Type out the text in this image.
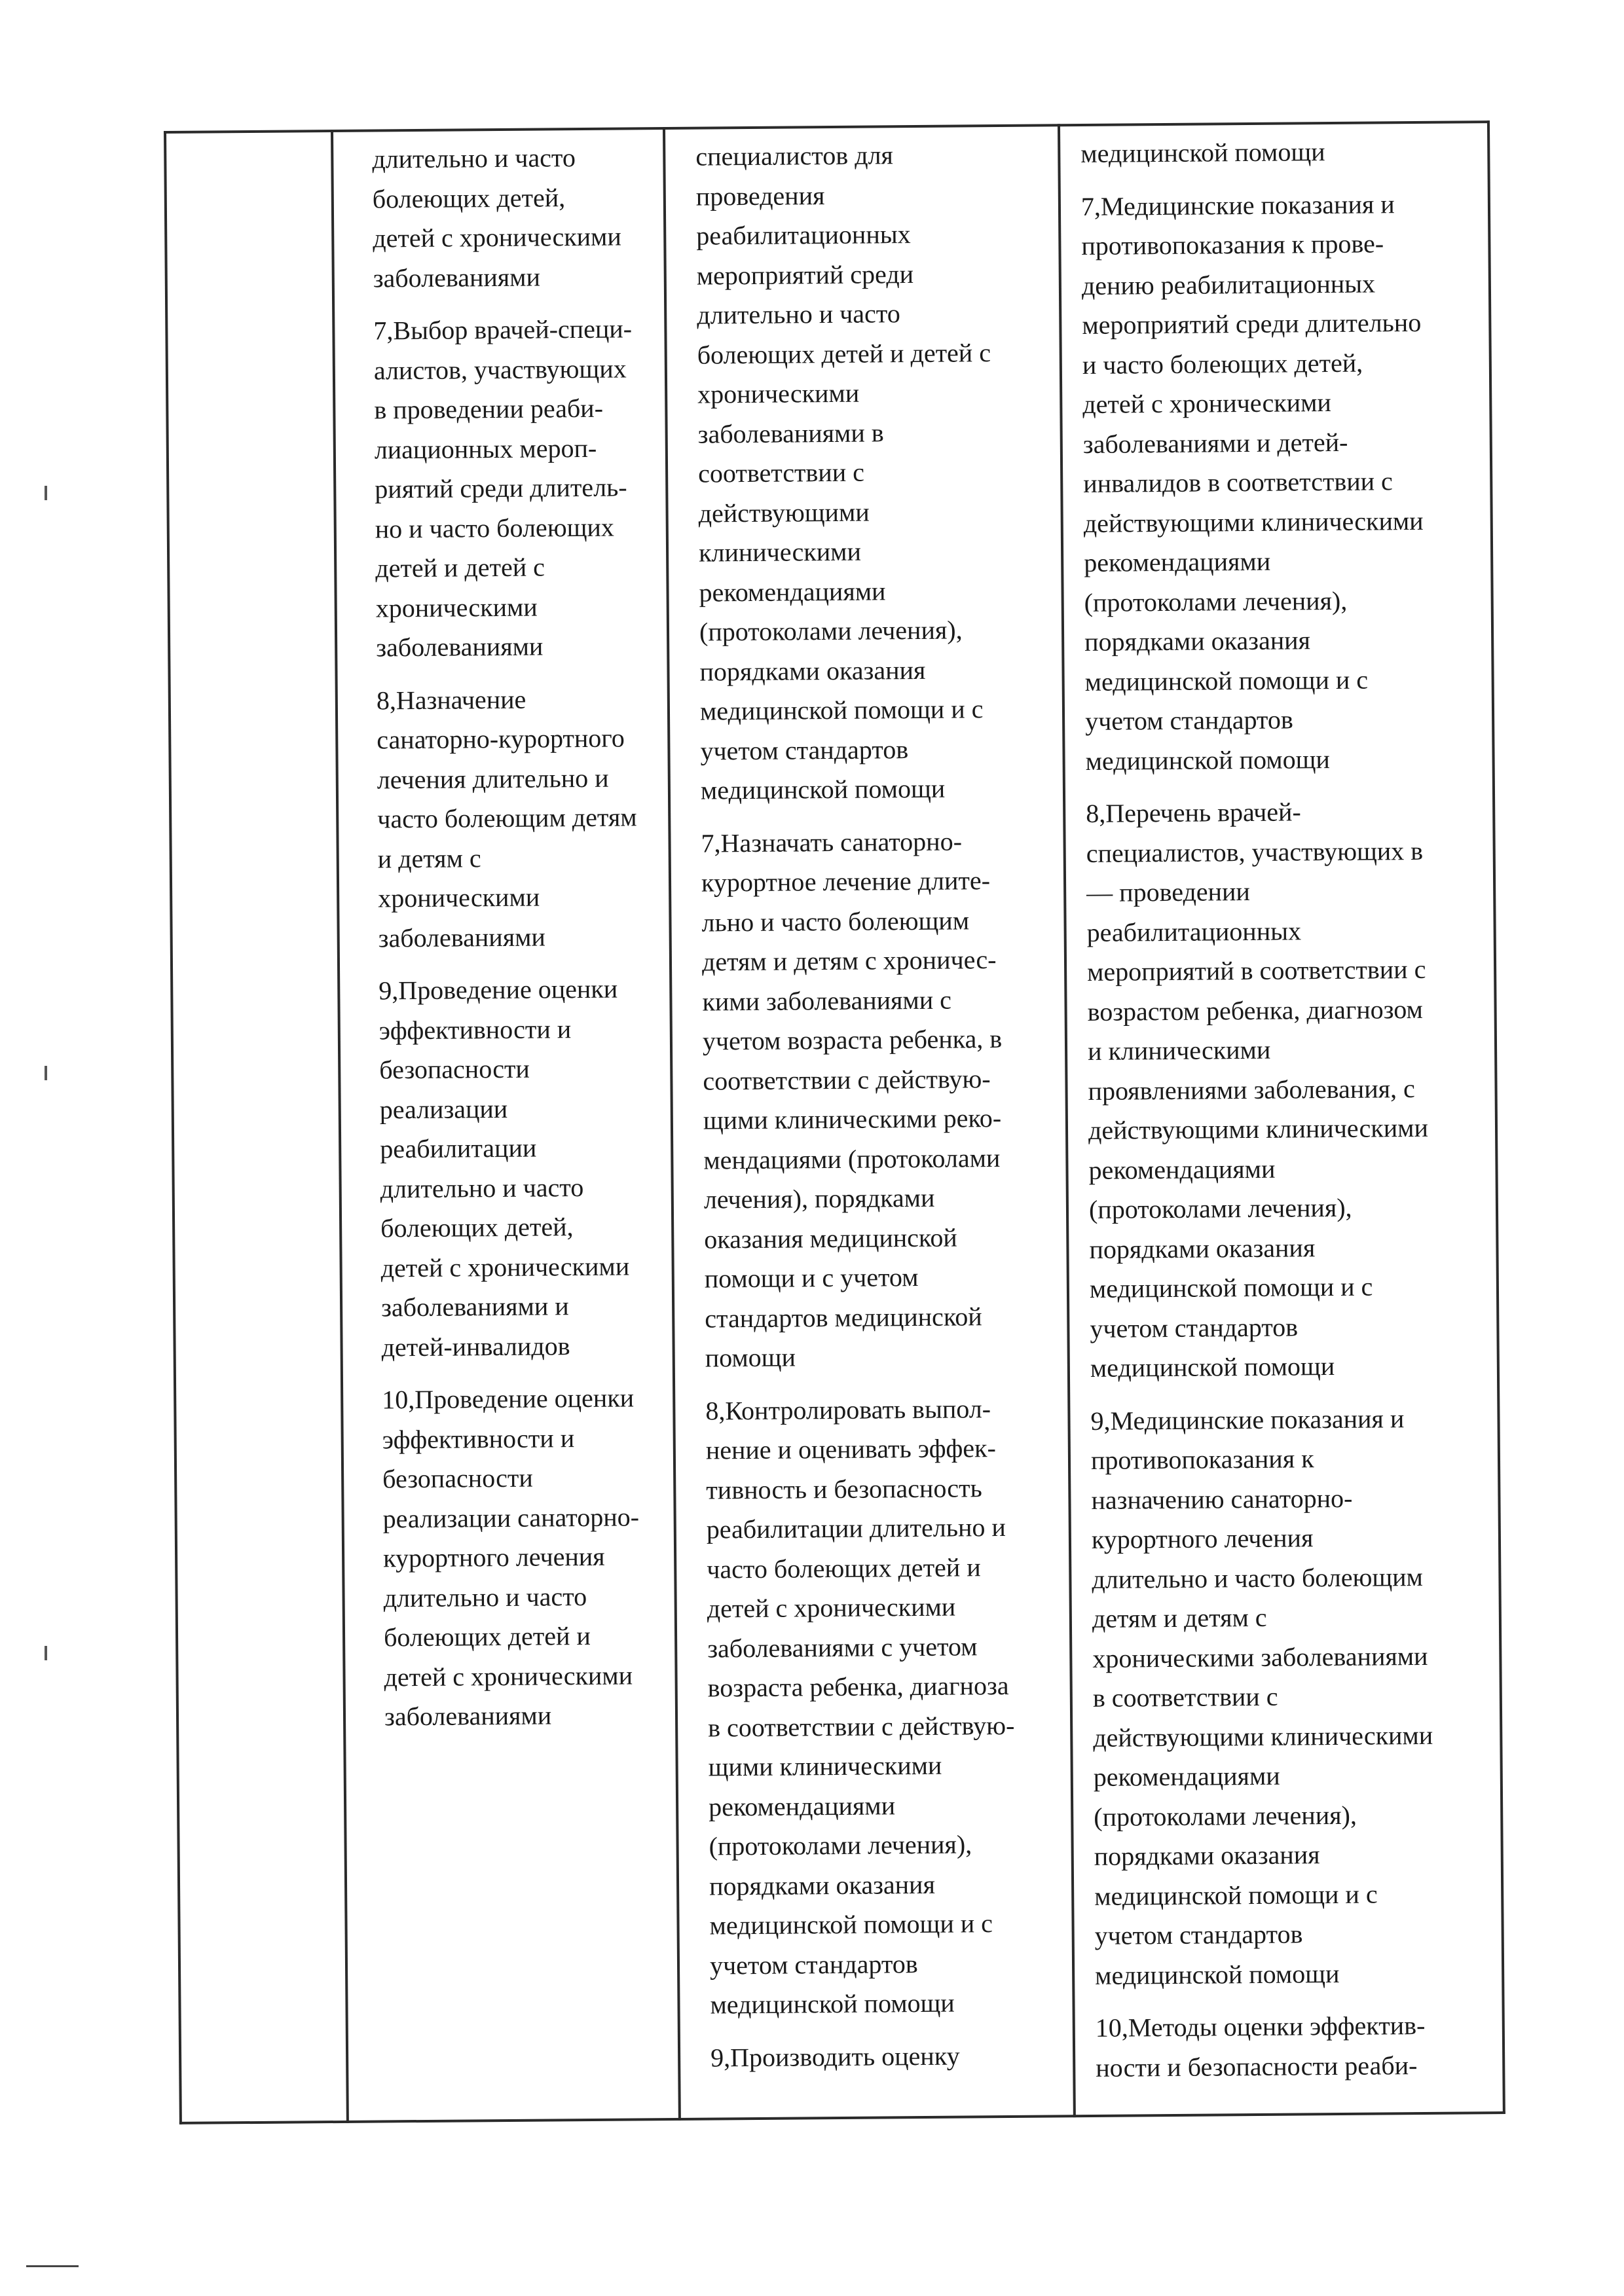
длительно и часто
болеющих детей,
детей с хроническими
заболеваниями

7,Выбор врачей-специ-
алистов, участвующих
в проведении реаби-
лиационных мероп-
риятий среди длитель-
но и часто болеющих
детей и детей с
хроническими
заболеваниями

8,Назначение
санаторно-курортного
лечения длительно и
часто болеющим детям
и детям с
хроническими
заболеваниями

9,Проведение оценки
эффективности и
безопасности
реализации
реабилитации
длительно и часто
болеющих детей,
детей с хроническими
заболеваниями и
детей-инвалидов

10,Проведение оценки
эффективности и
безопасности
реализации санаторно-
курортного лечения
длительно и часто
болеющих детей и
детей с хроническими
заболеваниями

специалистов для
проведения
реабилитационных
мероприятий среди
длительно и часто
болеющих детей и детей с
хроническими
заболеваниями в
соответствии с
действующими
клиническими
рекомендациями
(протоколами лечения),
порядками оказания
медицинской помощи и с
учетом стандартов
медицинской помощи

7,Назначать санаторно-
курортное лечение длите-
льно и часто болеющим
детям и детям с хроничес-
кими заболеваниями с
учетом возраста ребенка, в
соответствии с действую-
щими клиническими реко-
мендациями (протоколами
лечения), порядками
оказания медицинской
помощи и с учетом
стандартов медицинской
помощи

8,Контролировать выпол-
нение и оценивать эффек-
тивность и безопасность
реабилитации длительно и
часто болеющих детей и
детей с хроническими
заболеваниями с учетом
возраста ребенка, диагноза
в соответствии с действую-
щими клиническими
рекомендациями
(протоколами лечения),
порядками оказания
медицинской помощи и с
учетом стандартов
медицинской помощи

9,Производить оценку

медицинской помощи

7,Медицинские показания и
противопоказания к прове-
дению реабилитационных
мероприятий среди длительно
и часто болеющих детей,
детей с хроническими
заболеваниями и детей-
инвалидов в соответствии с
действующими клиническими
рекомендациями
(протоколами лечения),
порядками оказания
медицинской помощи и с
учетом стандартов
медицинской помощи

8,Перечень врачей-
специалистов, участвующих в
— проведении
реабилитационных
мероприятий в соответствии с
возрастом ребенка, диагнозом
и клиническими
проявлениями заболевания, с
действующими клиническими
рекомендациями
(протоколами лечения),
порядками оказания
медицинской помощи и с
учетом стандартов
медицинской помощи

9,Медицинские показания и
противопоказания к
назначению санаторно-
курортного лечения
длительно и часто болеющим
детям и детям с
хроническими заболеваниями
в соответствии с
действующими клиническими
рекомендациями
(протоколами лечения),
порядками оказания
медицинской помощи и с
учетом стандартов
медицинской помощи

10,Методы оценки эффектив-
ности и безопасности реаби-
